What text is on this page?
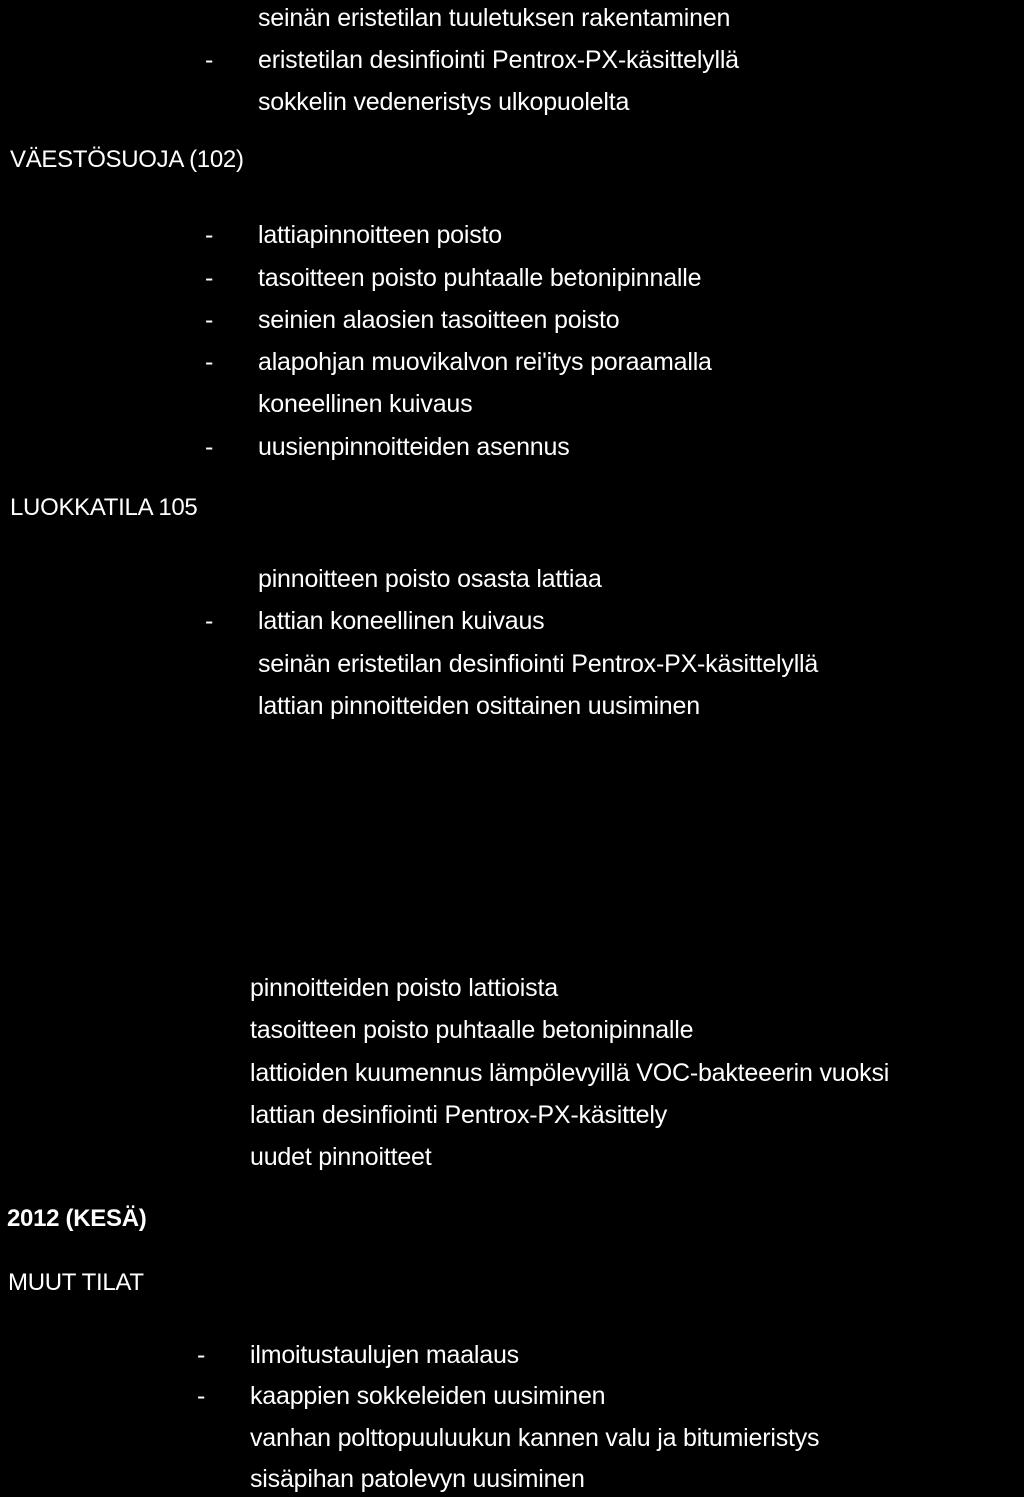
seinän eristetilan tuuletuksen rakentaminen
- eristetilan desinfiointi Pentrox-PX-käsittelyllä
sokkelin vedeneristys ulkopuolelta
VÄESTÖSUOJA (102)
- lattiapinnoitteen poisto
- tasoitteen poisto puhtaalle betonipinnalle
- seinien alaosien tasoitteen poisto
- alapohjan muovikalvon rei'itys poraamalla
koneellinen kuivaus
- uusienpinnoitteiden asennus
LUOKKATILA 105
pinnoitteen poisto osasta lattiaa
- lattian koneellinen kuivaus
seinän eristetilan desinfiointi Pentrox-PX-käsittelyllä
lattian pinnoitteiden osittainen uusiminen
pinnoitteiden poisto lattioista
tasoitteen poisto puhtaalle betonipinnalle
lattioiden kuumennus lämpölevyillä VOC-bakteeerin vuoksi
lattian desinfiointi Pentrox-PX-käsittely
uudet pinnoitteet
2012 (KESÄ)
MUUT TILAT
- ilmoitustaulujen maalaus
- kaappien sokkeleiden uusiminen
vanhan polttopuuluukun kannen valu ja bitumieristys
sisäpihan patolevyn uusiminen
